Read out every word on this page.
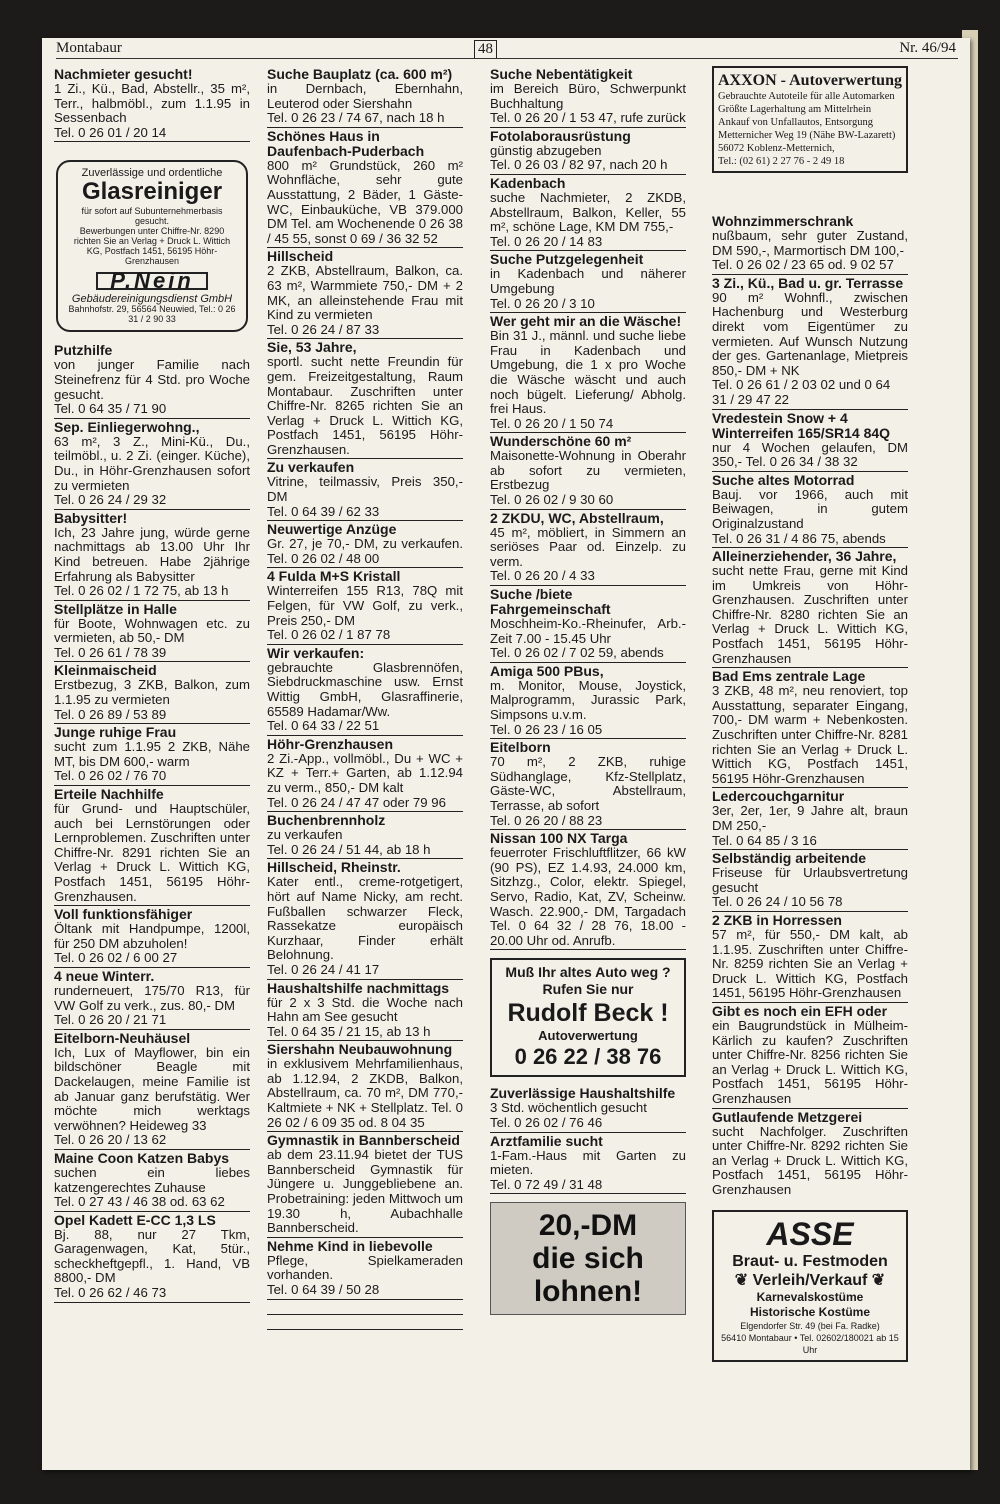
Montabaur	48	Nr. 46/94
Nachmieter gesucht!

1 Zi., Kü., Bad, Abstellr., 35 m², Terr., halbmöbl., zum 1.1.95 in Sessenbach

Tel. 0 26 01 / 20 14
Zuverlässige und ordentliche
Glasreiniger
für sofort auf Subunternehmerbasis gesucht.
Bewerbungen unter Chiffre-Nr. 8290 richten Sie an Verlag + Druck L. Wittich KG, Postfach 1451, 56195 Höhr-Grenzhausen
P.Nein
Gebäudereinigungsdienst GmbH
Bahnhofstr. 29, 56564 Neuwied, Tel.: 0 26 31 / 2 90 33
Putzhilfe

von junger Familie nach Steinefrenz für 4 Std. pro Woche gesucht.

Tel. 0 64 35 / 71 90
Sep. Einliegerwohng.,

63 m², 3 Z., Mini-Kü., Du., teilmöbl., u. 2 Zi. (einger. Küche), Du., in Höhr-Grenzhausen sofort zu vermieten

Tel. 0 26 24 / 29 32
Babysitter!

Ich, 23 Jahre jung, würde gerne nachmittags ab 13.00 Uhr Ihr Kind betreuen. Habe 2jährige Erfahrung als Babysitter

Tel. 0 26 02 / 1 72 75, ab 13 h
Stellplätze in Halle

für Boote, Wohnwagen etc. zu vermieten, ab 50,- DM

Tel. 0 26 61 / 78 39
Kleinmaischeid

Erstbezug, 3 ZKB, Balkon, zum 1.1.95 zu vermieten

Tel. 0 26 89 / 53 89
Junge ruhige Frau

sucht zum 1.1.95 2 ZKB, Nähe MT, bis DM 600,- warm

Tel. 0 26 02 / 76 70
Erteile Nachhilfe

für Grund- und Hauptschüler, auch bei Lernstörungen oder Lernproblemen. Zuschriften unter Chiffre-Nr. 8291 richten Sie an Verlag + Druck L. Wittich KG, Postfach 1451, 56195 Höhr-Grenzhausen.

Voll funktionsfähiger

Öltank mit Handpumpe, 1200l, für 250 DM abzuholen!

Tel. 0 26 02 / 6 00 27
4 neue Winterr.

runderneuert, 175/70 R13, für VW Golf zu verk., zus. 80,- DM

Tel. 0 26 20 / 21 71
Eitelborn-Neuhäusel

Ich, Lux of Mayflower, bin ein bildschöner Beagle mit Dackelaugen, meine Familie ist ab Januar ganz berufstätig. Wer möchte mich werktags verwöhnen? Heideweg 33

Tel. 0 26 20 / 13 62
Maine Coon Katzen Babys

suchen ein liebes katzengerechtes Zuhause

Tel. 0 27 43 / 46 38 od. 63 62
Opel Kadett E-CC 1,3 LS

Bj. 88, nur 27 Tkm, Garagenwagen, Kat, 5tür., scheckheftgepfl., 1. Hand, VB 8800,- DM

Tel. 0 26 62 / 46 73
Suche Bauplatz (ca. 600 m²)

in Dernbach, Ebernhahn, Leuterod oder Siershahn

Tel. 0 26 23 / 74 67, nach 18 h
Schönes Haus in Daufenbach-Puderbach

800 m² Grundstück, 260 m² Wohnfläche, sehr gute Ausstattung, 2 Bäder, 1 Gäste-WC, Einbauküche, VB 379.000 DM Tel. am Wochenende 0 26 38 / 45 55, sonst 0 69 / 36 32 52

Hillscheid

2 ZKB, Abstellraum, Balkon, ca. 63 m², Warmmiete 750,- DM + 2 MK, an alleinstehende Frau mit Kind zu vermieten

Tel. 0 26 24 / 87 33
Sie, 53 Jahre,

sportl. sucht nette Freundin für gem. Freizeitgestaltung, Raum Montabaur. Zuschriften unter Chiffre-Nr. 8265 richten Sie an Verlag + Druck L. Wittich KG, Postfach 1451, 56195 Höhr-Grenzhausen.

Zu verkaufen

Vitrine, teilmassiv, Preis 350,- DM

Tel. 0 64 39 / 62 33
Neuwertige Anzüge

Gr. 27, je 70,- DM, zu verkaufen. Tel. 0 26 02 / 48 00

4 Fulda M+S Kristall

Winterreifen 155 R13, 78Q mit Felgen, für VW Golf, zu verk., Preis 250,- DM

Tel. 0 26 02 / 1 87 78
Wir verkaufen:

gebrauchte Glasbrennöfen, Siebdruckmaschine usw. Ernst Wittig GmbH, Glasraffinerie, 65589 Hadamar/Ww.

Tel. 0 64 33 / 22 51
Höhr-Grenzhausen

2 Zi.-App., vollmöbl., Du + WC + KZ + Terr.+ Garten, ab 1.12.94 zu verm., 850,- DM kalt

Tel. 0 26 24 / 47 47 oder 79 96
Buchenbrennholz

zu verkaufen

Tel. 0 26 24 / 51 44, ab 18 h
Hillscheid, Rheinstr.

Kater entl., creme-rotgetigert, hört auf Name Nicky, am recht. Fußballen schwarzer Fleck, Rassekatze europäisch Kurzhaar, Finder erhält Belohnung.

Tel. 0 26 24 / 41 17
Haushaltshilfe nachmittags

für 2 x 3 Std. die Woche nach Hahn am See gesucht

Tel. 0 64 35 / 21 15, ab 13 h
Siershahn Neubauwohnung

in exklusivem Mehrfamilienhaus, ab 1.12.94, 2 ZKDB, Balkon, Abstellraum, ca. 70 m², DM 770,- Kaltmiete + NK + Stellplatz. Tel. 0 26 02 / 6 09 35 od. 8 04 35

Gymnastik in Bannberscheid

ab dem 23.11.94 bietet der TUS Bannberscheid Gymnastik für Jüngere u. Junggebliebene an. Probetraining: jeden Mittwoch um 19.30 h, Aubachhalle Bannberscheid.

Nehme Kind in liebevolle

Pflege, Spielkameraden vorhanden.

Tel. 0 64 39 / 50 28
Suche Nebentätigkeit

im Bereich Büro, Schwerpunkt Buchhaltung

Tel. 0 26 20 / 1 53 47, rufe zurück
Fotolaborausrüstung

günstig abzugeben

Tel. 0 26 03 / 82 97, nach 20 h
Kadenbach

suche Nachmieter, 2 ZKDB, Abstellraum, Balkon, Keller, 55 m², schöne Lage, KM DM 755,-

Tel. 0 26 20 / 14 83
Suche Putzgelegenheit

in Kadenbach und näherer Umgebung

Tel. 0 26 20 / 3 10
Wer geht mir an die Wäsche!

Bin 31 J., männl. und suche liebe Frau in Kadenbach und Umgebung, die 1 x pro Woche die Wäsche wäscht und auch noch bügelt. Lieferung/ Abholg. frei Haus.

Tel. 0 26 20 / 1 50 74
Wunderschöne 60 m²

Maisonette-Wohnung in Oberahr ab sofort zu vermieten, Erstbezug

Tel. 0 26 02 / 9 30 60
2 ZKDU, WC, Abstellraum,

45 m², möbliert, in Simmern an seriöses Paar od. Einzelp. zu verm.

Tel. 0 26 20 / 4 33
Suche /biete Fahrgemeinschaft

Moschheim-Ko.-Rheinufer, Arb.-Zeit 7.00 - 15.45 Uhr

Tel. 0 26 02 / 7 02 59, abends
Amiga 500 PBus,

m. Monitor, Mouse, Joystick, Malprogramm, Jurassic Park, Simpsons u.v.m.

Tel. 0 26 23 / 16 05
Eitelborn

70 m², 2 ZKB, ruhige Südhanglage, Kfz-Stellplatz, Gäste-WC, Abstellraum, Terrasse, ab sofort

Tel. 0 26 20 / 88 23
Nissan 100 NX Targa

feuerroter Frischluftflitzer, 66 kW (90 PS), EZ 1.4.93, 24.000 km, Sitzhzg., Color, elektr. Spiegel, Servo, Radio, Kat, ZV, Scheinw. Wasch. 22.900,- DM, Targadach Tel. 0 64 32 / 28 76, 18.00 - 20.00 Uhr od. Anrufb.

Muß Ihr altes Auto weg ?
Rufen Sie nur
Rudolf Beck !
Autoverwertung
0 26 22 / 38 76
Zuverlässige Haushaltshilfe

3 Std. wöchentlich gesucht

Tel. 0 26 02 / 76 46
Arztfamilie sucht

1-Fam.-Haus mit Garten zu mieten.

Tel. 0 72 49 / 31 48
20,-DM
die sich
lohnen!
AXXON - Autoverwertung
Gebrauchte Autoteile für alle Automarken
Größte Lagerhaltung am Mittelrhein
Ankauf von Unfallautos, Entsorgung
Metternicher Weg 19 (Nähe BW-Lazarett)
56072 Koblenz-Metternich,
Tel.: (02 61) 2 27 76 - 2 49 18
Wohnzimmerschrank

nußbaum, sehr guter Zustand, DM 590,-, Marmortisch DM 100,-

Tel. 0 26 02 / 23 65 od. 9 02 57
3 Zi., Kü., Bad u. gr. Terrasse

90 m² Wohnfl., zwischen Hachenburg und Westerburg direkt vom Eigentümer zu vermieten. Auf Wunsch Nutzung der ges. Gartenanlage, Mietpreis 850,- DM + NK

Tel. 0 26 61 / 2 03 02 und 0 64 31 / 29 47 22
Vredestein Snow + 4 Winterreifen 165/SR14 84Q

nur 4 Wochen gelaufen, DM 350,- Tel. 0 26 34 / 38 32

Suche altes Motorrad

Bauj. vor 1966, auch mit Beiwagen, in gutem Originalzustand

Tel. 0 26 31 / 4 86 75, abends
Alleinerziehender, 36 Jahre,

sucht nette Frau, gerne mit Kind im Umkreis von Höhr-Grenzhausen. Zuschriften unter Chiffre-Nr. 8280 richten Sie an Verlag + Druck L. Wittich KG, Postfach 1451, 56195 Höhr-Grenzhausen

Bad Ems zentrale Lage

3 ZKB, 48 m², neu renoviert, top Ausstattung, separater Eingang, 700,- DM warm + Nebenkosten. Zuschriften unter Chiffre-Nr. 8281 richten Sie an Verlag + Druck L. Wittich KG, Postfach 1451, 56195 Höhr-Grenzhausen

Ledercouchgarnitur

3er, 2er, 1er, 9 Jahre alt, braun DM 250,-

Tel. 0 64 85 / 3 16
Selbständig arbeitende

Friseuse für Urlaubsvertretung gesucht

Tel. 0 26 24 / 10 56 78
2 ZKB in Horressen

57 m², für 550,- DM kalt, ab 1.1.95. Zuschriften unter Chiffre-Nr. 8259 richten Sie an Verlag + Druck L. Wittich KG, Postfach 1451, 56195 Höhr-Grenzhausen

Gibt es noch ein EFH oder

ein Baugrundstück in Mülheim-Kärlich zu kaufen? Zuschriften unter Chiffre-Nr. 8256 richten Sie an Verlag + Druck L. Wittich KG, Postfach 1451, 56195 Höhr-Grenzhausen

Gutlaufende Metzgerei

sucht Nachfolger. Zuschriften unter Chiffre-Nr. 8292 richten Sie an Verlag + Druck L. Wittich KG, Postfach 1451, 56195 Höhr-Grenzhausen

ASSE
Braut- u. Festmoden
❦ Verleih/Verkauf ❦
Karnevalskostüme
Historische Kostüme
Elgendorfer Str. 49 (bei Fa. Radke)
56410 Montabaur • Tel. 02602/180021 ab 15 Uhr
